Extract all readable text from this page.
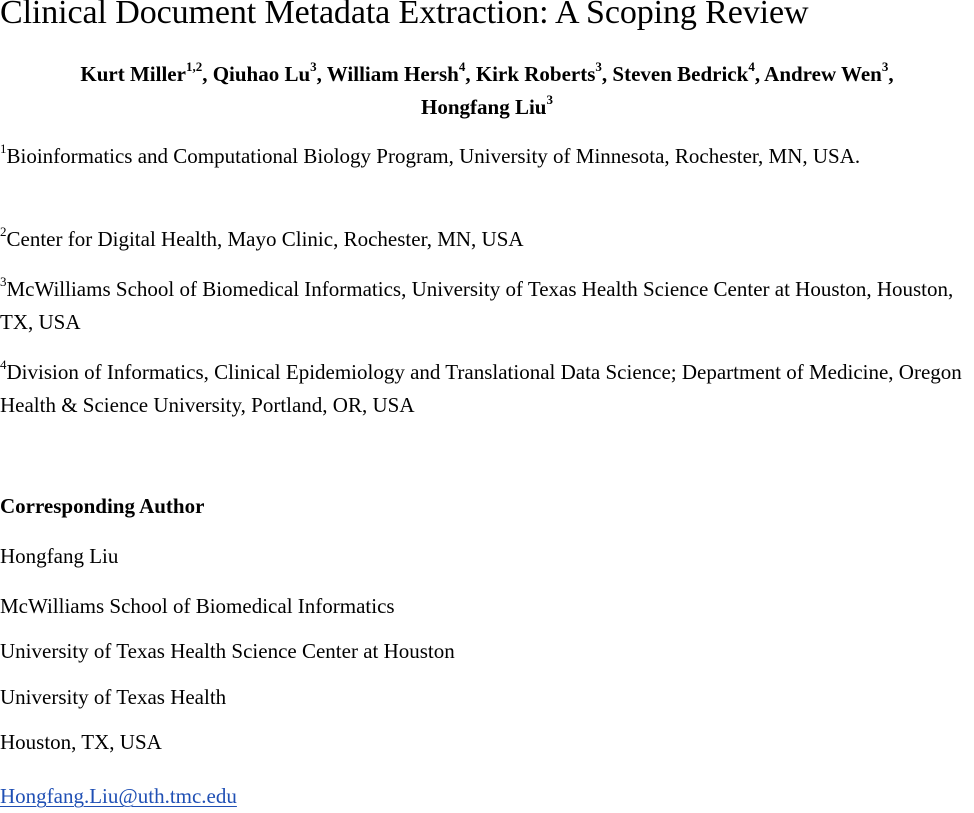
Clinical Document Metadata Extraction: A Scoping Review

Kurt Miller$^{1,2}$, Qiuhao Lu$^3$, William Hersh$^4$, Kirk Roberts$^3$, Steven Bedrick$^4$, Andrew Wen$^3$,
Hongfang Liu$^3$

$^1$Bioinformatics and Computational Biology Program, University of Minnesota, Rochester, MN, USA.

$^2$Center for Digital Health, Mayo Clinic, Rochester, MN, USA

$^3$McWilliams School of Biomedical Informatics, University of Texas Health Science Center at Houston, Houston, TX, USA

$^4$Division of Informatics, Clinical Epidemiology and Translational Data Science; Department of Medicine, Oregon Health & Science University, Portland, OR, USA

Corresponding Author

Hongfang Liu

McWilliams School of Biomedical Informatics

University of Texas Health Science Center at Houston

University of Texas Health

Houston, TX, USA

Hongfang.Liu@uth.tmc.edu
